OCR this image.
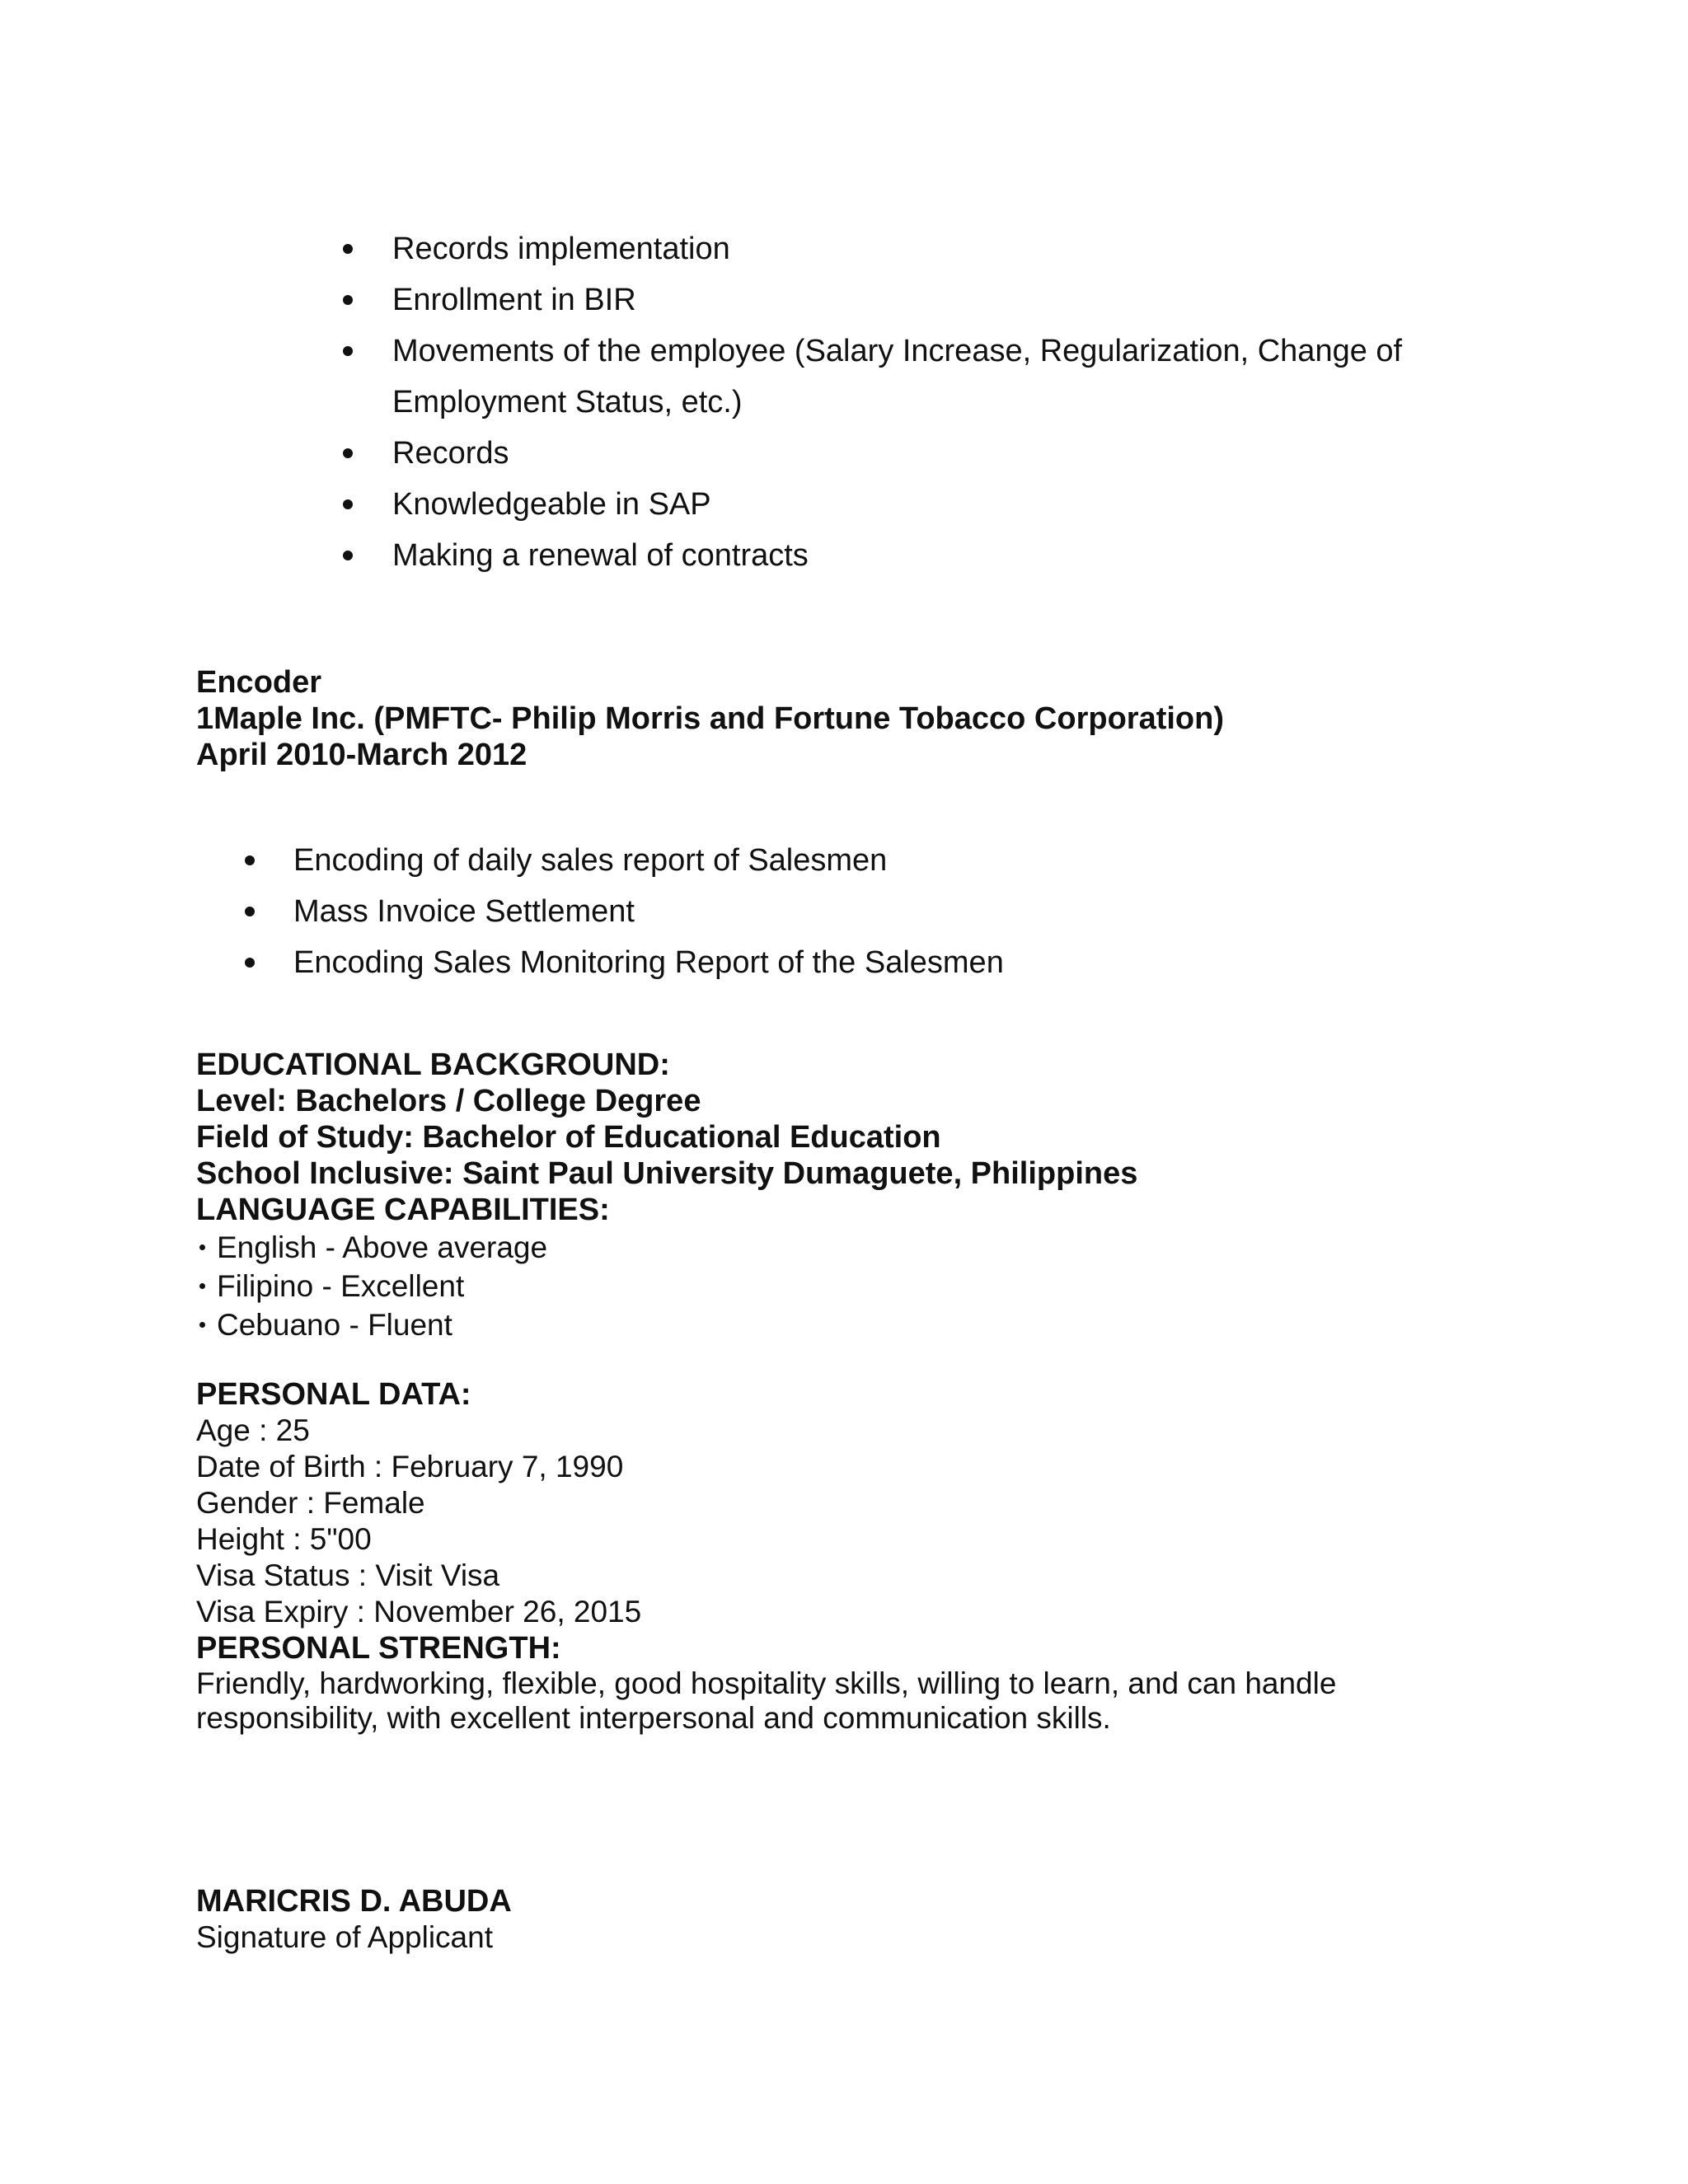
Records implementation
Enrollment in BIR
Movements of the employee (Salary Increase, Regularization, Change of Employment Status, etc.)
Records
Knowledgeable in SAP
Making a renewal of contracts
Encoder
1Maple Inc. (PMFTC- Philip Morris and Fortune Tobacco Corporation)
April 2010-March 2012
Encoding of daily sales report of Salesmen
Mass Invoice Settlement
Encoding Sales Monitoring Report of the Salesmen
EDUCATIONAL BACKGROUND:
Level: Bachelors / College Degree
Field of Study: Bachelor of Educational Education
School Inclusive: Saint Paul University Dumaguete, Philippines
LANGUAGE CAPABILITIES:
English - Above average
Filipino - Excellent
Cebuano - Fluent
PERSONAL DATA:
Age : 25
Date of Birth : February 7, 1990
Gender : Female
Height : 5"00
Visa Status : Visit Visa
Visa Expiry : November 26, 2015
PERSONAL STRENGTH:
Friendly, hardworking, flexible, good hospitality skills, willing to learn, and can handle
responsibility, with excellent interpersonal and communication skills.
MARICRIS D. ABUDA
Signature of Applicant
